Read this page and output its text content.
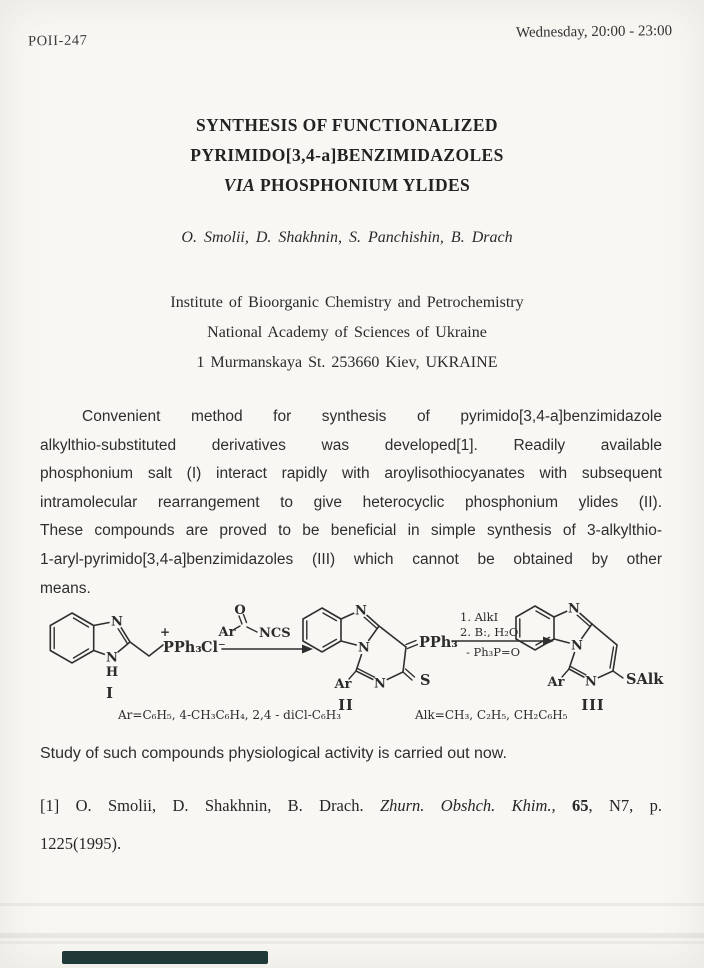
POII-247
Wednesday, 20:00 - 23:00
SYNTHESIS OF FUNCTIONALIZED
PYRIMIDO[3,4-a]BENZIMIDAZOLES
VIA PHOSPHONIUM YLIDES
O. Smolii, D. Shakhnin, S. Panchishin, B. Drach
Institute of Bioorganic Chemistry and Petrochemistry
National Academy of Sciences of Ukraine
1 Murmanskaya St. 253660 Kiev, UKRAINE
Convenient method for synthesis of pyrimido[3,4-a]benzimidazole
alkylthio-substituted derivatives was developed[1]. Readily available
phosphonium salt (I) interact rapidly with aroylisothiocyanates with subsequent
intramolecular rearrangement to give heterocyclic phosphonium ylides (II).
These compounds are proved to be beneficial in simple synthesis of 3-alkylthio-
1-aryl-pyrimido[3,4-a]benzimidazoles (III) which cannot be obtained by other
means.
N
N
H
+
PPh₃ Cl⁻
I
O
Ar NCS
N
N
N
PPh₃
S
Ar
II
1. AlkI
2. B:, H₂O
- Ph₃P=O
N
N
N SAlk
Ar
III
Ar=C₆H₅, 4-CH₃C₆H₄, 2,4 - diCl-C₆H₃	Alk=CH₃, C₂H₅, CH₂C₆H₅
Study of such compounds physiological activity is carried out now.
[1] O. Smolii, D. Shakhnin, B. Drach. Zhurn. Obshch. Khim., 65, N7, p.
1225(1995).
